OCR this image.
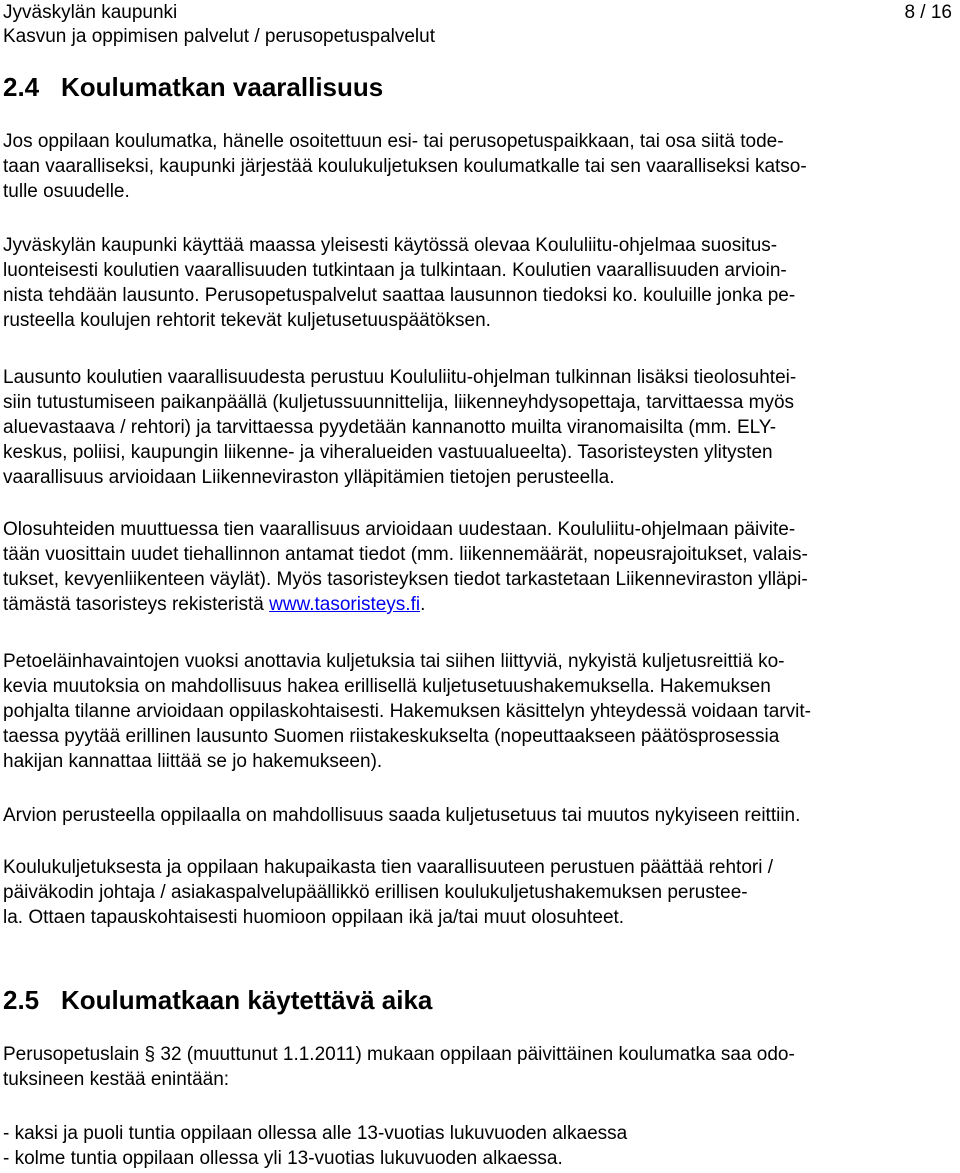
Jyväskylän kaupunki
Kasvun ja oppimisen palvelut / perusopetuspalvelut
8 / 16
2.4 Koulumatkan vaarallisuus
Jos oppilaan koulumatka, hänelle osoitettuun esi- tai perusopetuspaikkaan, tai osa siitä tode-
taan vaaralliseksi, kaupunki järjestää koulukuljetuksen koulumatkalle tai sen vaaralliseksi katso-
tulle osuudelle.
Jyväskylän kaupunki käyttää maassa yleisesti käytössä olevaa Koululiitu-ohjelmaa suositus-
luonteisesti koulutien vaarallisuuden tutkintaan ja tulkintaan. Koulutien vaarallisuuden arvioin-
nista tehdään lausunto. Perusopetuspalvelut saattaa lausunnon tiedoksi ko. kouluille jonka pe-
rusteella koulujen rehtorit tekevät kuljetusetuuspäätöksen.
Lausunto koulutien vaarallisuudesta perustuu Koululiitu-ohjelman tulkinnan lisäksi tieolosuhtei-
siin tutustumiseen paikanpäällä (kuljetussuunnittelija, liikenneyhdysopettaja, tarvittaessa myös
aluevastaava / rehtori) ja tarvittaessa pyydetään kannanotto muilta viranomaisilta (mm. ELY-
keskus, poliisi, kaupungin liikenne- ja viheralueiden vastuualueelta). Tasoristeysten ylitysten
vaarallisuus arvioidaan Liikenneviraston ylläpitämien tietojen perusteella.
Olosuhteiden muuttuessa tien vaarallisuus arvioidaan uudestaan. Koululiitu-ohjelmaan päivite-
tään vuosittain uudet tiehallinnon antamat tiedot (mm. liikennemäärät, nopeusrajoitukset, valais-
tukset, kevyenliikenteen väylät). Myös tasoristeyksen tiedot tarkastetaan Liikenneviraston ylläpi-
tämästä tasoristeys rekisteristä www.tasoristeys.fi.
Petoeläinhavaintojen vuoksi anottavia kuljetuksia tai siihen liittyviä, nykyistä kuljetusreittiä ko-
kevia muutoksia on mahdollisuus hakea erillisellä kuljetusetuushakemuksella. Hakemuksen
pohjalta tilanne arvioidaan oppilaskohtaisesti. Hakemuksen käsittelyn yhteydessä voidaan tarvit-
taessa pyytää erillinen lausunto Suomen riistakeskukselta (nopeuttaakseen päätösprosessia
hakijan kannattaa liittää se jo hakemukseen).
Arvion perusteella oppilaalla on mahdollisuus saada kuljetusetuus tai muutos nykyiseen reittiin.
Koulukuljetuksesta ja oppilaan hakupaikasta tien vaarallisuuteen perustuen päättää rehtori /
päiväkodin johtaja / asiakaspalvelupäällikkö erillisen koulukuljetushakemuksen perustee-
la. Ottaen tapauskohtaisesti huomioon oppilaan ikä ja/tai muut olosuhteet.
2.5 Koulumatkaan käytettävä aika
Perusopetuslain § 32 (muuttunut 1.1.2011) mukaan oppilaan päivittäinen koulumatka saa odo-
tuksineen kestää enintään:
- kaksi ja puoli tuntia oppilaan ollessa alle 13-vuotias lukuvuoden alkaessa
- kolme tuntia oppilaan ollessa yli 13-vuotias lukuvuoden alkaessa.
